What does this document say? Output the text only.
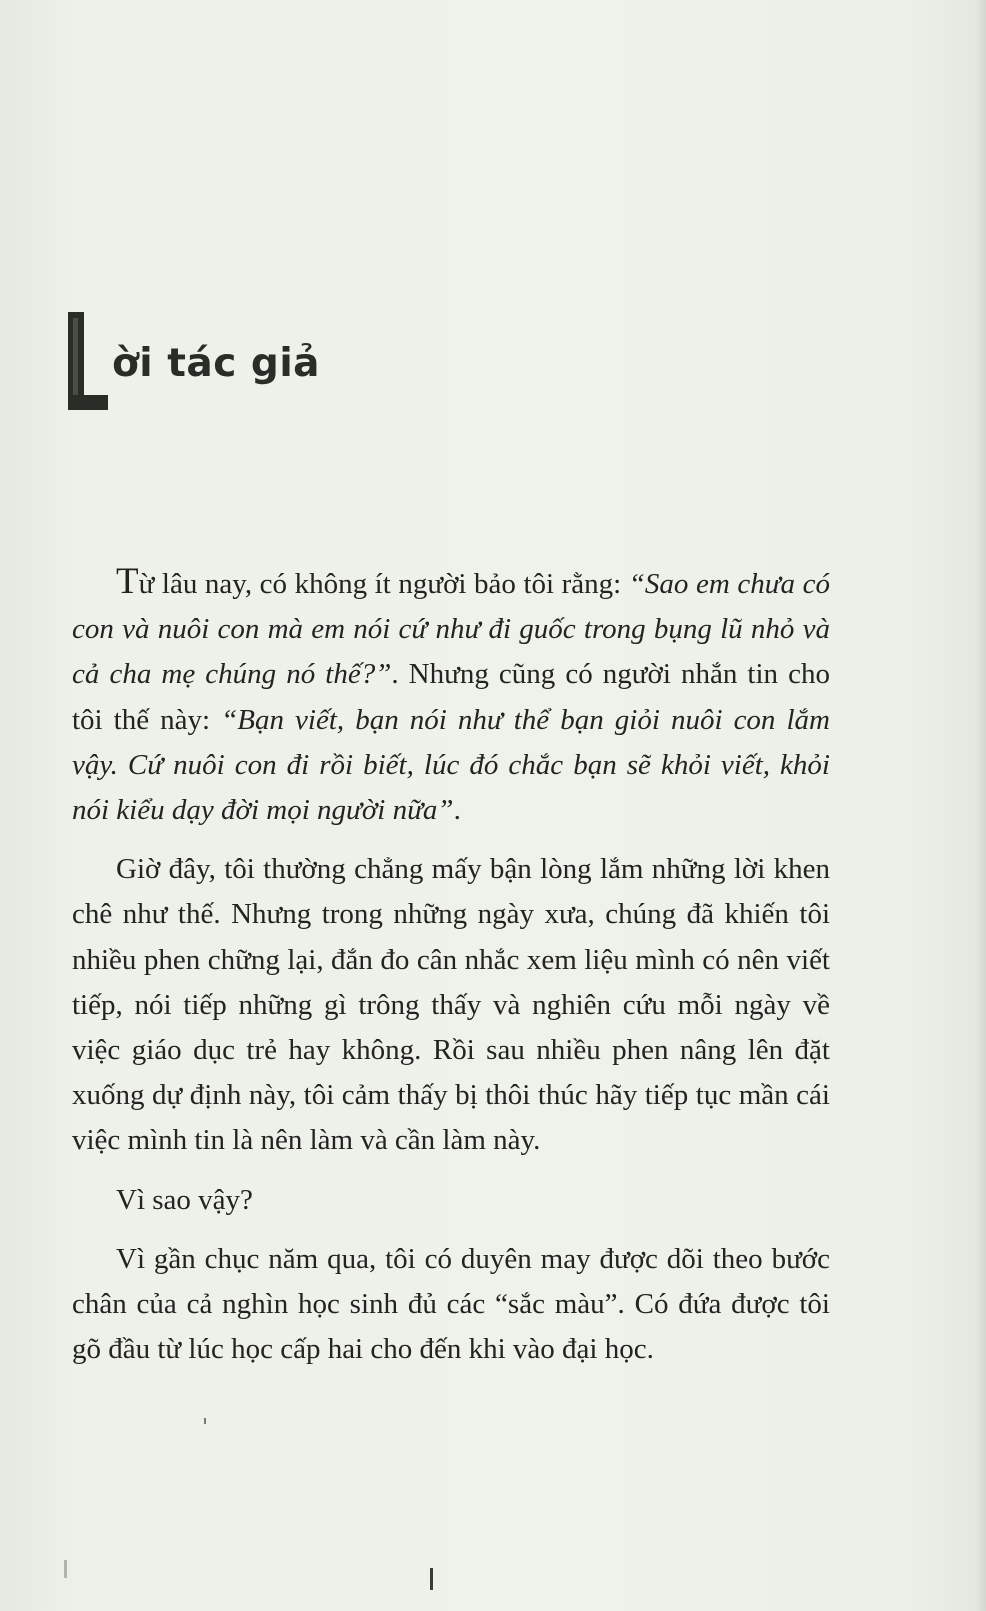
ời tác giả

Từ lâu nay, có không ít người bảo tôi rằng: “Sao em chưa có con và nuôi con mà em nói cứ như đi guốc trong bụng lũ nhỏ và cả cha mẹ chúng nó thế?”. Nhưng cũng có người nhắn tin cho tôi thế này: “Bạn viết, bạn nói như thể bạn giỏi nuôi con lắm vậy. Cứ nuôi con đi rồi biết, lúc đó chắc bạn sẽ khỏi viết, khỏi nói kiểu dạy đời mọi người nữa”.

Giờ đây, tôi thường chẳng mấy bận lòng lắm những lời khen chê như thế. Nhưng trong những ngày xưa, chúng đã khiến tôi nhiều phen chững lại, đắn đo cân nhắc xem liệu mình có nên viết tiếp, nói tiếp những gì trông thấy và nghiên cứu mỗi ngày về việc giáo dục trẻ hay không. Rồi sau nhiều phen nâng lên đặt xuống dự định này, tôi cảm thấy bị thôi thúc hãy tiếp tục mần cái việc mình tin là nên làm và cần làm này.

Vì sao vậy?

Vì gần chục năm qua, tôi có duyên may được dõi theo bước chân của cả nghìn học sinh đủ các “sắc màu”. Có đứa được tôi gõ đầu từ lúc học cấp hai cho đến khi vào đại học.
